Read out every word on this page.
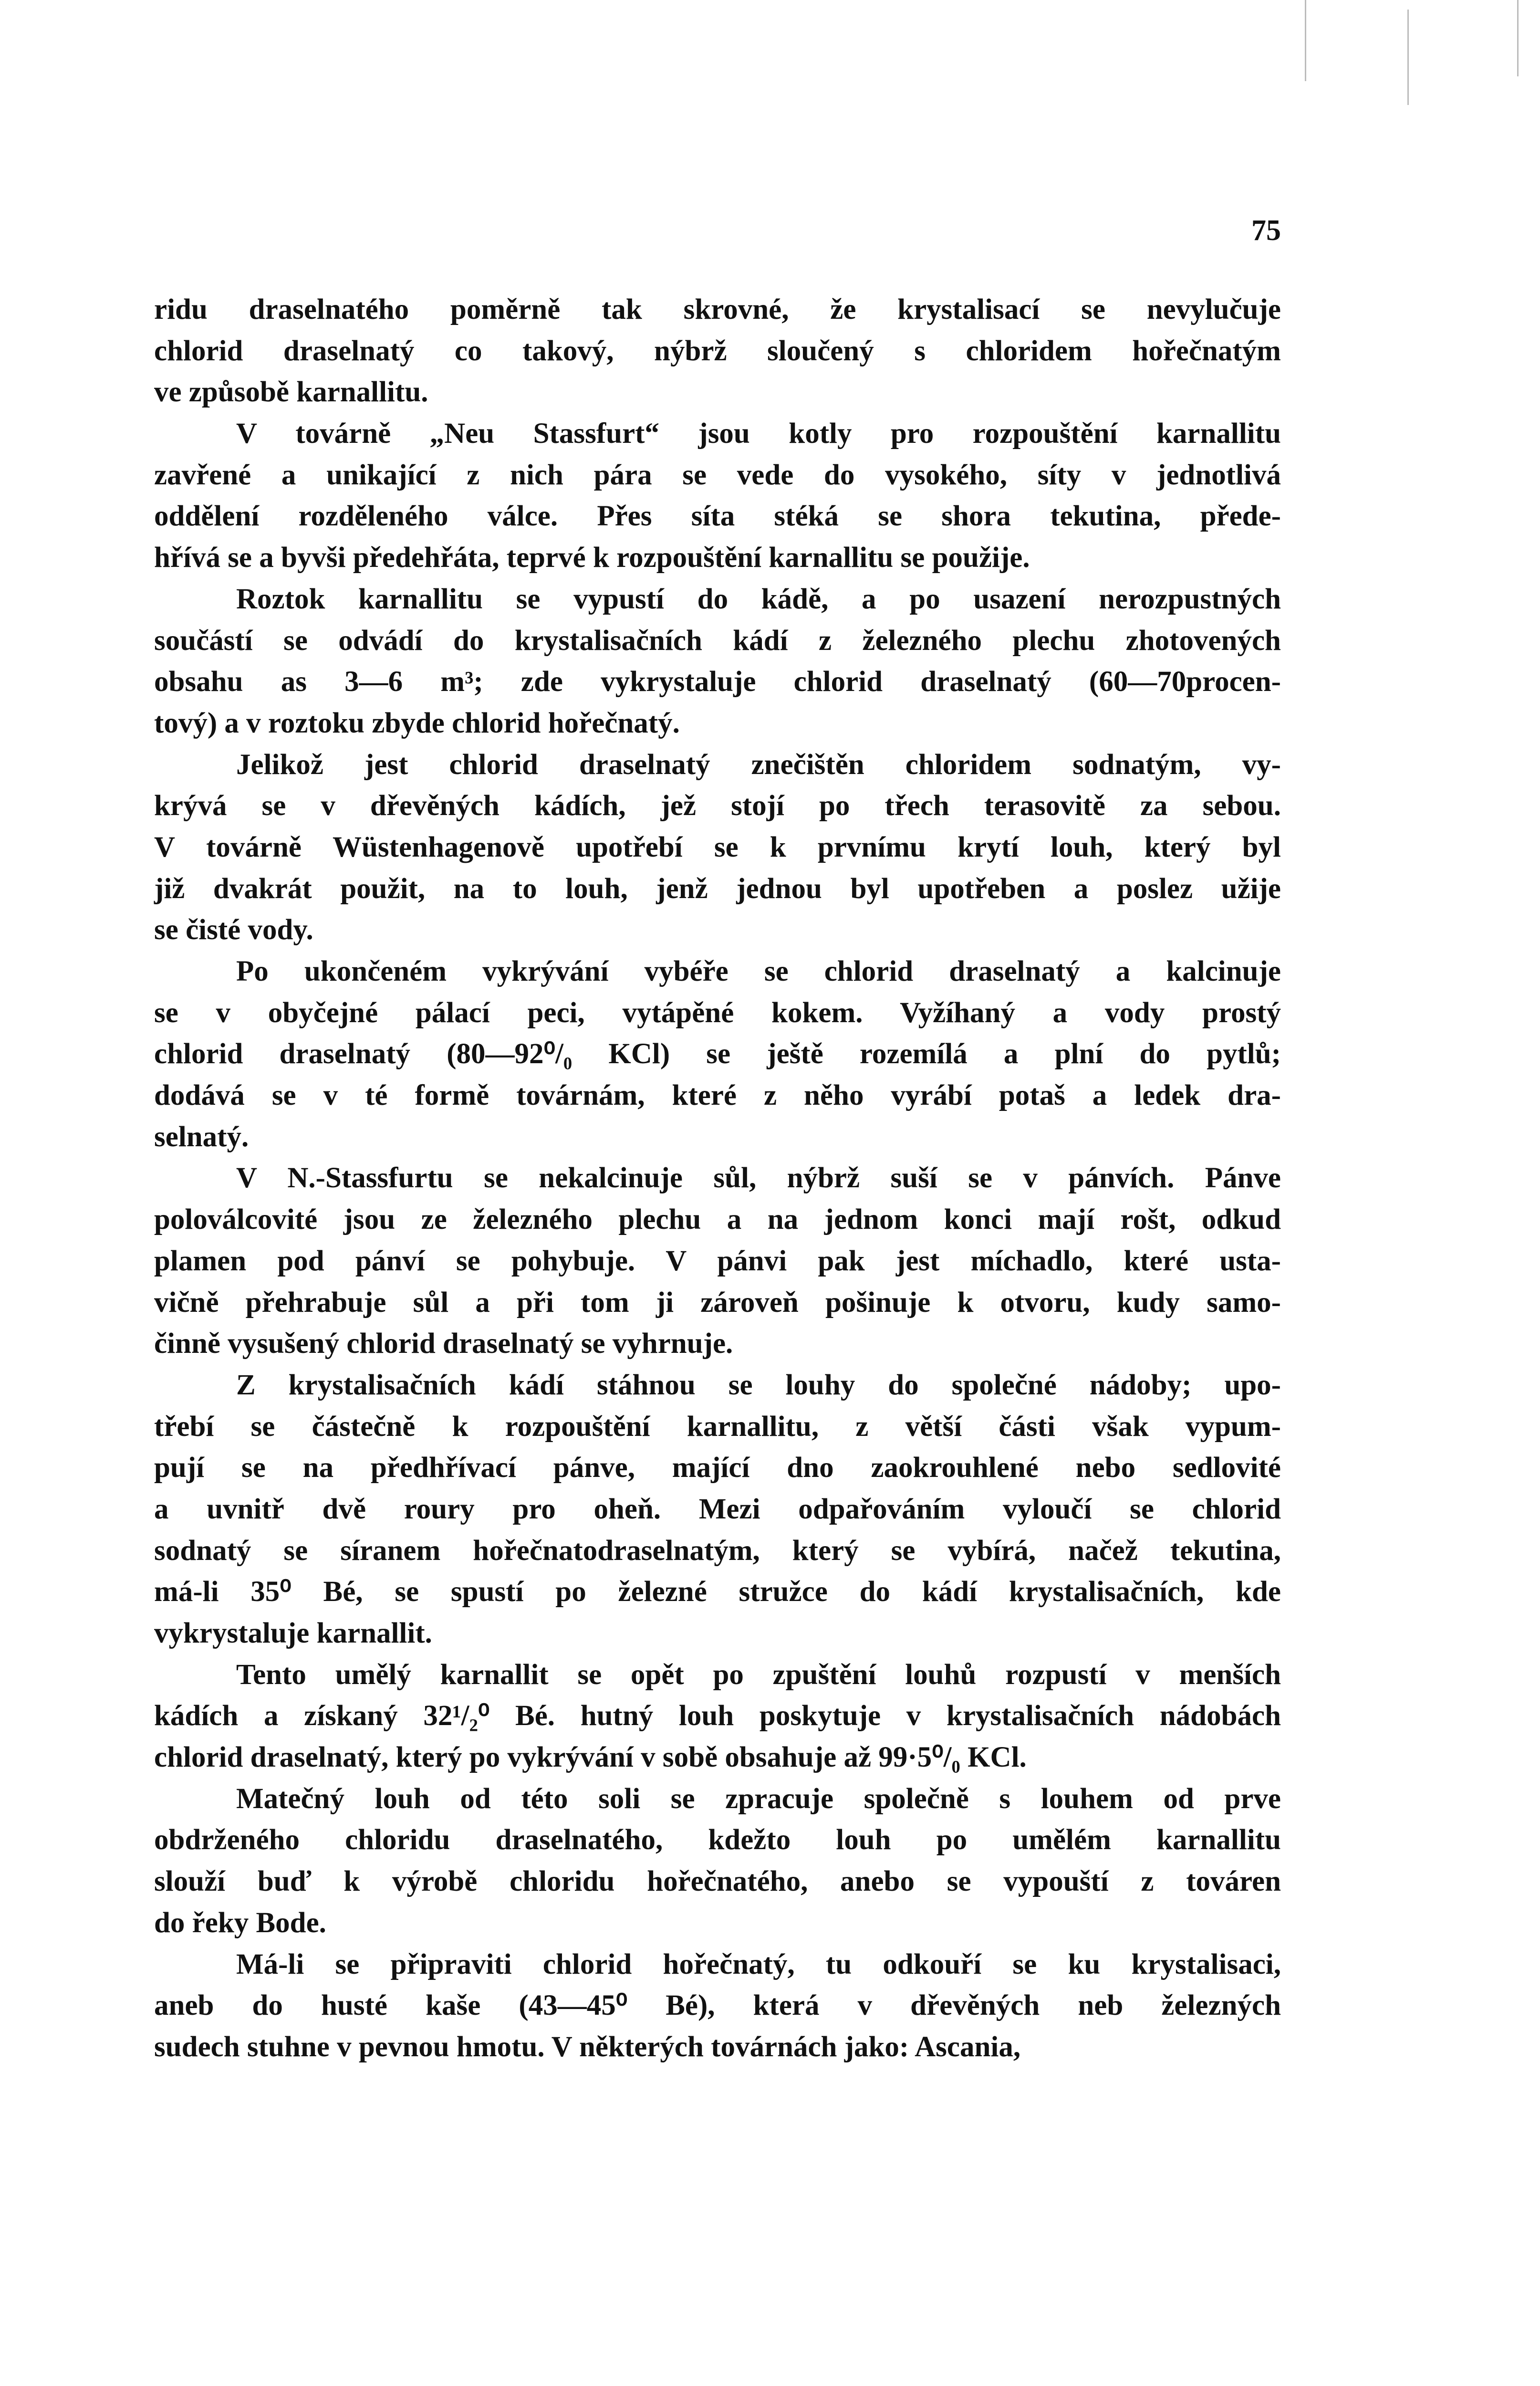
75
ridu draselnatého poměrně tak skrovné, že krystalisací se nevylučuje
chlorid draselnatý co takový, nýbrž sloučený s chloridem hořečnatým
ve způsobě karnallitu.
V továrně „Neu Stassfurt“ jsou kotly pro rozpouštění karnallitu
zavřené a unikající z nich pára se vede do vysokého, síty v jednotlivá
oddělení rozděleného válce. Přes síta stéká se shora tekutina, přede-
hřívá se a byvši předehřáta, teprvé k rozpouštění karnallitu se použije.
Roztok karnallitu se vypustí do kádě, a po usazení nerozpustných
součástí se odvádí do krystalisačních kádí z železného plechu zhotovených
obsahu as 3—6 m³; zde vykrystaluje chlorid draselnatý (60—70procen-
tový) a v roztoku zbyde chlorid hořečnatý.
Jelikož jest chlorid draselnatý znečištěn chloridem sodnatým, vy-
krývá se v dřevěných kádích, jež stojí po třech terasovitě za sebou.
V továrně Wüstenhagenově upotřebí se k prvnímu krytí louh, který byl
již dvakrát použit, na to louh, jenž jednou byl upotřeben a poslez užije
se čisté vody.
Po ukončeném vykrývání vybéře se chlorid draselnatý a kalcinuje
se v obyčejné pálací peci, vytápěné kokem. Vyžíhaný a vody prostý
chlorid draselnatý (80—92⁰/₀ KCl) se ještě rozemílá a plní do pytlů;
dodává se v té formě továrnám, které z něho vyrábí potaš a ledek dra-
selnatý.
V N.-Stassfurtu se nekalcinuje sůl, nýbrž suší se v pánvích. Pánve
poloválcovité jsou ze železného plechu a na jednom konci mají rošt, odkud
plamen pod pánví se pohybuje. V pánvi pak jest míchadlo, které usta-
vičně přehrabuje sůl a při tom ji zároveň pošinuje k otvoru, kudy samo-
činně vysušený chlorid draselnatý se vyhrnuje.
Z krystalisačních kádí stáhnou se louhy do společné nádoby; upo-
třebí se částečně k rozpouštění karnallitu, z větší části však vypum-
pují se na předhřívací pánve, mající dno zaokrouhlené nebo sedlovité
a uvnitř dvě roury pro oheň. Mezi odpařováním vyloučí se chlorid
sodnatý se síranem hořečnatodraselnatým, který se vybírá, načež tekutina,
má-li 35⁰ Bé, se spustí po železné stružce do kádí krystalisačních, kde
vykrystaluje karnallit.
Tento umělý karnallit se opět po zpuštění louhů rozpustí v menších
kádích a získaný 32¹/₂⁰ Bé. hutný louh poskytuje v krystalisačních nádobách
chlorid draselnatý, který po vykrývání v sobě obsahuje až 99·5⁰/₀ KCl.
Matečný louh od této soli se zpracuje společně s louhem od prve
obdrženého chloridu draselnatého, kdežto louh po umělém karnallitu
slouží buď k výrobě chloridu hořečnatého, anebo se vypouští z továren
do řeky Bode.
Má-li se připraviti chlorid hořečnatý, tu odkouří se ku krystalisaci,
aneb do husté kaše (43—45⁰ Bé), která v dřevěných neb železných
sudech stuhne v pevnou hmotu. V některých továrnách jako: Ascania,
